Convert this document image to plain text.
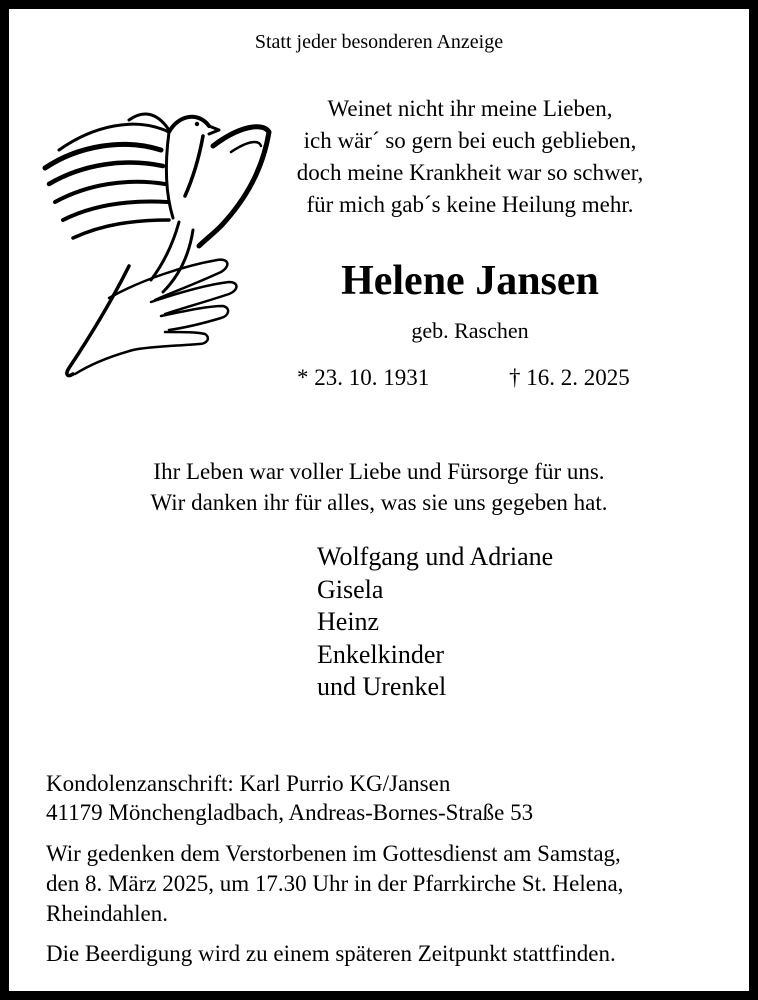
Statt jeder besonderen Anzeige
Weinet nicht ihr meine Lieben,
ich wär´ so gern bei euch geblieben,
doch meine Krankheit war so schwer,
für mich gab´s keine Heilung mehr.
Helene Jansen
geb. Raschen
* 23. 10. 1931	† 16. 2. 2025
Ihr Leben war voller Liebe und Fürsorge für uns.
Wir danken ihr für alles, was sie uns gegeben hat.
Wolfgang und Adriane
Gisela
Heinz
Enkelkinder
und Urenkel
Kondolenzanschrift: Karl Purrio KG/Jansen
41179 Mönchengladbach, Andreas-Bornes-Straße 53
Wir gedenken dem Verstorbenen im Gottesdienst am Samstag,
den 8. März 2025, um 17.30 Uhr in der Pfarrkirche St. Helena,
Rheindahlen.
Die Beerdigung wird zu einem späteren Zeitpunkt stattfinden.
